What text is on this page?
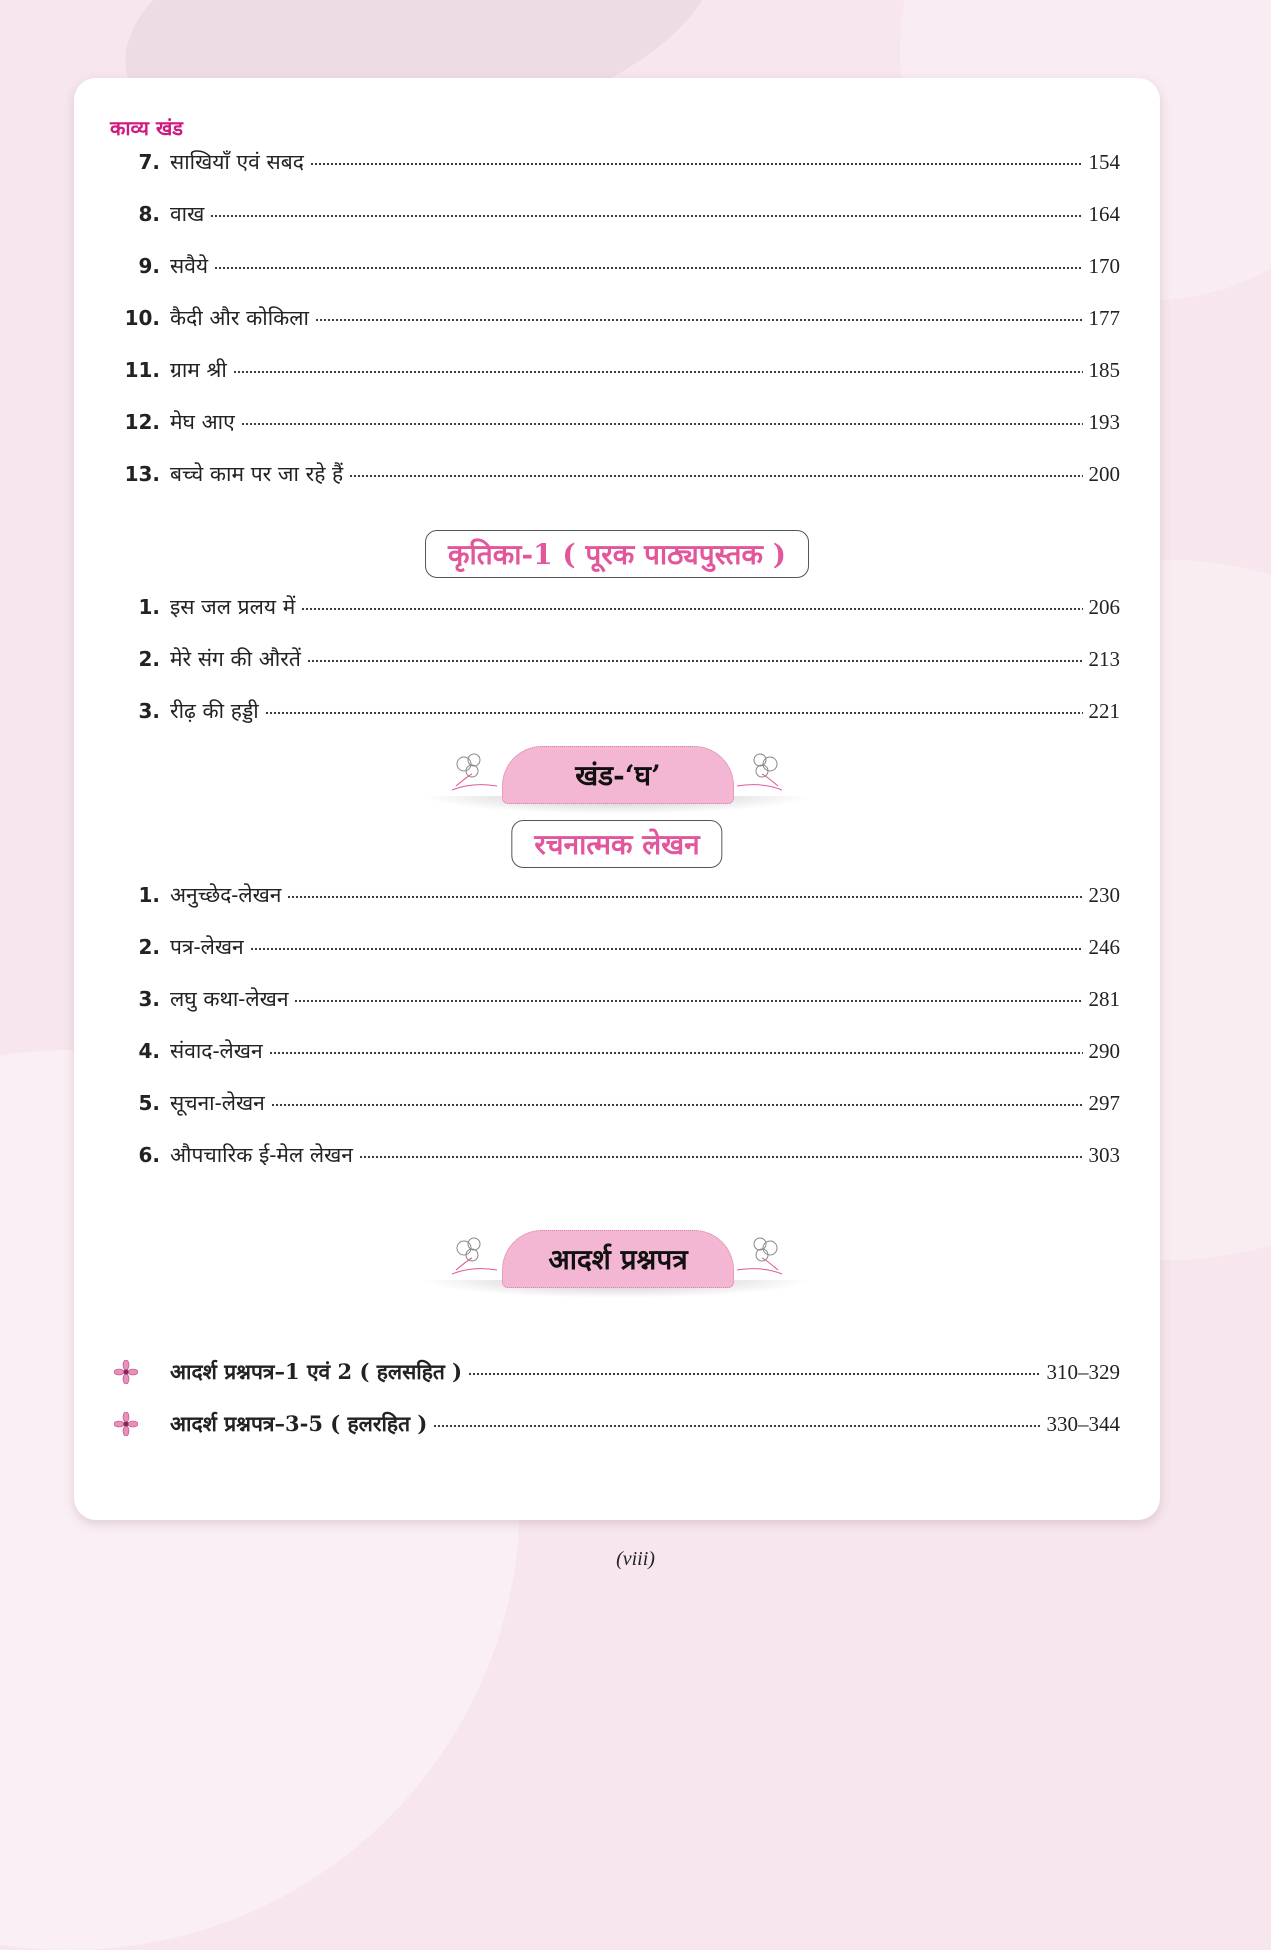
काव्य खंड
7. साखियाँ एवं सबद	154
8. वाख	164
9. सवैये	170
10. कैदी और कोकिला	177
11. ग्राम श्री	185
12. मेघ आए	193
13. बच्चे काम पर जा रहे हैं	200
कृतिका-1 ( पूरक पाठ्यपुस्तक )
1. इस जल प्रलय में	206
2. मेरे संग की औरतें	213
3. रीढ़ की हड्डी	221
खंड-‘घ’
रचनात्मक लेखन
1. अनुच्छेद-लेखन	230
2. पत्र-लेखन	246
3. लघु कथा-लेखन	281
4. संवाद-लेखन	290
5. सूचना-लेखन	297
6. औपचारिक ई-मेल लेखन	303
आदर्श प्रश्नपत्र
आदर्श प्रश्नपत्र–1 एवं 2 ( हलसहित )	310–329
आदर्श प्रश्नपत्र–3-5 ( हलरहित )	330–344
(viii)
